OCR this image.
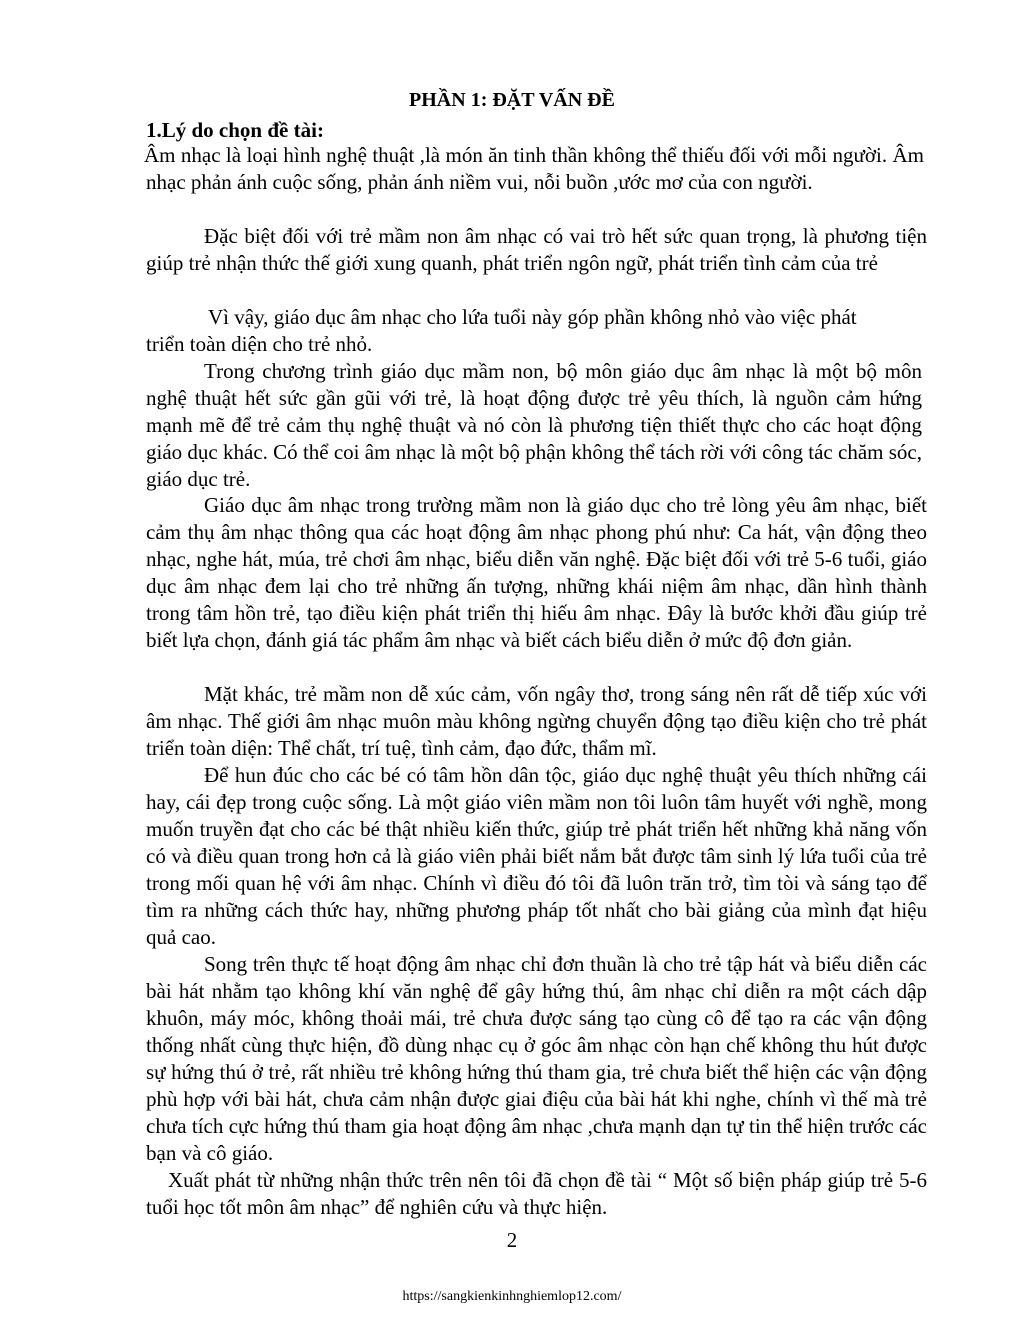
PHẦN 1: ĐẶT VẤN ĐỀ
1.Lý do chọn đề tài:

Âm nhạc là loại hình nghệ thuật ,là món ăn tinh thần không thể thiếu đối với mỗi người. Âm nhạc phản ánh cuộc sống, phản ánh niềm vui, nỗi buồn ,ước mơ của con người.

Đặc biệt đối với trẻ mầm non âm nhạc có vai trò hết sức quan trọng, là phương tiện giúp trẻ nhận thức thế giới xung quanh, phát triển ngôn ngữ, phát triển tình cảm của trẻ

Vì vậy, giáo dục âm nhạc cho lứa tuổi này góp phần không nhỏ vào việc phát triển toàn diện cho trẻ nhỏ.

Trong chương trình giáo dục mầm non, bộ môn giáo dục âm nhạc là một bộ môn nghệ thuật hết sức gần gũi với trẻ, là hoạt động được trẻ yêu thích, là nguồn cảm hứng mạnh mẽ để trẻ cảm thụ nghệ thuật và nó còn là phương tiện thiết thực cho các hoạt động giáo dục khác. Có thể coi âm nhạc là một bộ phận không thể tách rời với công tác chăm sóc, giáo dục trẻ.

Giáo dục âm nhạc trong trường mầm non là giáo dục cho trẻ lòng yêu âm nhạc, biết cảm thụ âm nhạc thông qua các hoạt động âm nhạc phong phú như: Ca hát, vận động theo nhạc, nghe hát, múa, trẻ chơi âm nhạc, biểu diễn văn nghệ. Đặc biệt đối với trẻ 5-6 tuổi, giáo dục âm nhạc đem lại cho trẻ những ấn tượng, những khái niệm âm nhạc, dần hình thành trong tâm hồn trẻ, tạo điều kiện phát triển thị hiếu âm nhạc. Đây là bước khởi đầu giúp trẻ biết lựa chọn, đánh giá tác phẩm âm nhạc và biết cách biểu diễn ở mức độ đơn giản.

Mặt khác, trẻ mầm non dễ xúc cảm, vốn ngây thơ, trong sáng nên rất dễ tiếp xúc với âm nhạc. Thế giới âm nhạc muôn màu không ngừng chuyển động tạo điều kiện cho trẻ phát triển toàn diện: Thể chất, trí tuệ, tình cảm, đạo đức, thẩm mĩ.

Để hun đúc cho các bé có tâm hồn dân tộc, giáo dục nghệ thuật yêu thích những cái hay, cái đẹp trong cuộc sống. Là một giáo viên mầm non tôi luôn tâm huyết với nghề, mong muốn truyền đạt cho các bé thật nhiều kiến thức, giúp trẻ phát triển hết những khả năng vốn có và điều quan trong hơn cả là giáo viên phải biết nắm bắt được tâm sinh lý lứa tuổi của trẻ trong mối quan hệ với âm nhạc. Chính vì điều đó tôi đã luôn trăn trở, tìm tòi và sáng tạo để tìm ra những cách thức hay, những phương pháp tốt nhất cho bài giảng của mình đạt hiệu quả cao.

Song trên thực tế hoạt động âm nhạc chỉ đơn thuần là cho trẻ tập hát và biểu diễn các bài hát nhằm tạo không khí văn nghệ để gây hứng thú, âm nhạc chỉ diễn ra một cách dập khuôn, máy móc, không thoải mái, trẻ chưa được sáng tạo cùng cô để tạo ra các vận động thống nhất cùng thực hiện, đồ dùng nhạc cụ ở góc âm nhạc còn hạn chế không thu hút được sự hứng thú ở trẻ, rất nhiều trẻ không hứng thú tham gia, trẻ chưa biết thể hiện các vận động phù hợp với bài hát, chưa cảm nhận được giai điệu của bài hát khi nghe, chính vì thế mà trẻ chưa tích cực hứng thú tham gia hoạt động âm nhạc ,chưa mạnh dạn tự tin thể hiện trước các bạn và cô giáo.

Xuất phát từ những nhận thức trên nên tôi đã chọn đề tài “ Một số biện pháp giúp trẻ 5-6 tuổi học tốt môn âm nhạc” để nghiên cứu và thực hiện.

2
https://sangkienkinhnghiemlop12.com/
